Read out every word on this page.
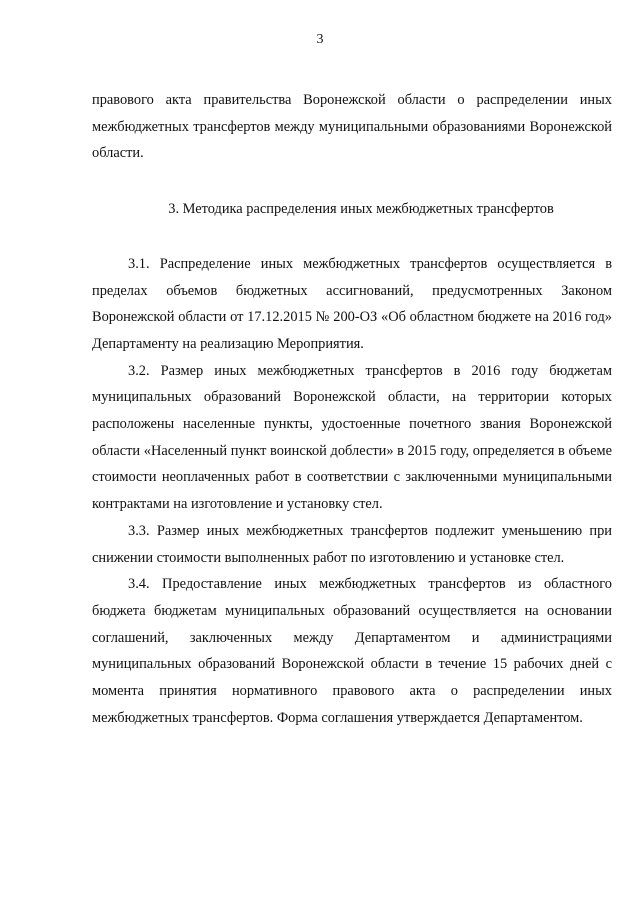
3

правового акта правительства Воронежской области о распределении иных межбюджетных трансфертов между муниципальными образованиями Воронежской области.

3. Методика распределения иных межбюджетных трансфертов

3.1. Распределение иных межбюджетных трансфертов осуществляется в пределах объемов бюджетных ассигнований, предусмотренных Законом Воронежской области от 17.12.2015 № 200-ОЗ «Об областном бюджете на 2016 год» Департаменту на реализацию Мероприятия.

3.2. Размер иных межбюджетных трансфертов в 2016 году бюджетам муниципальных образований Воронежской области, на территории которых расположены населенные пункты, удостоенные почетного звания Воронежской области «Населенный пункт воинской доблести» в 2015 году, определяется в объеме стоимости неоплаченных работ в соответствии с заключенными муниципальными контрактами на изготовление и установку стел.

3.3. Размер иных межбюджетных трансфертов подлежит уменьшению при снижении стоимости выполненных работ по изготовлению и установке стел.

3.4. Предоставление иных межбюджетных трансфертов из областного бюджета бюджетам муниципальных образований осуществляется на основании соглашений, заключенных между Департаментом и администрациями муниципальных образований Воронежской области в течение 15 рабочих дней с момента принятия нормативного правового акта о распределении иных межбюджетных трансфертов. Форма соглашения утверждается Департаментом.
